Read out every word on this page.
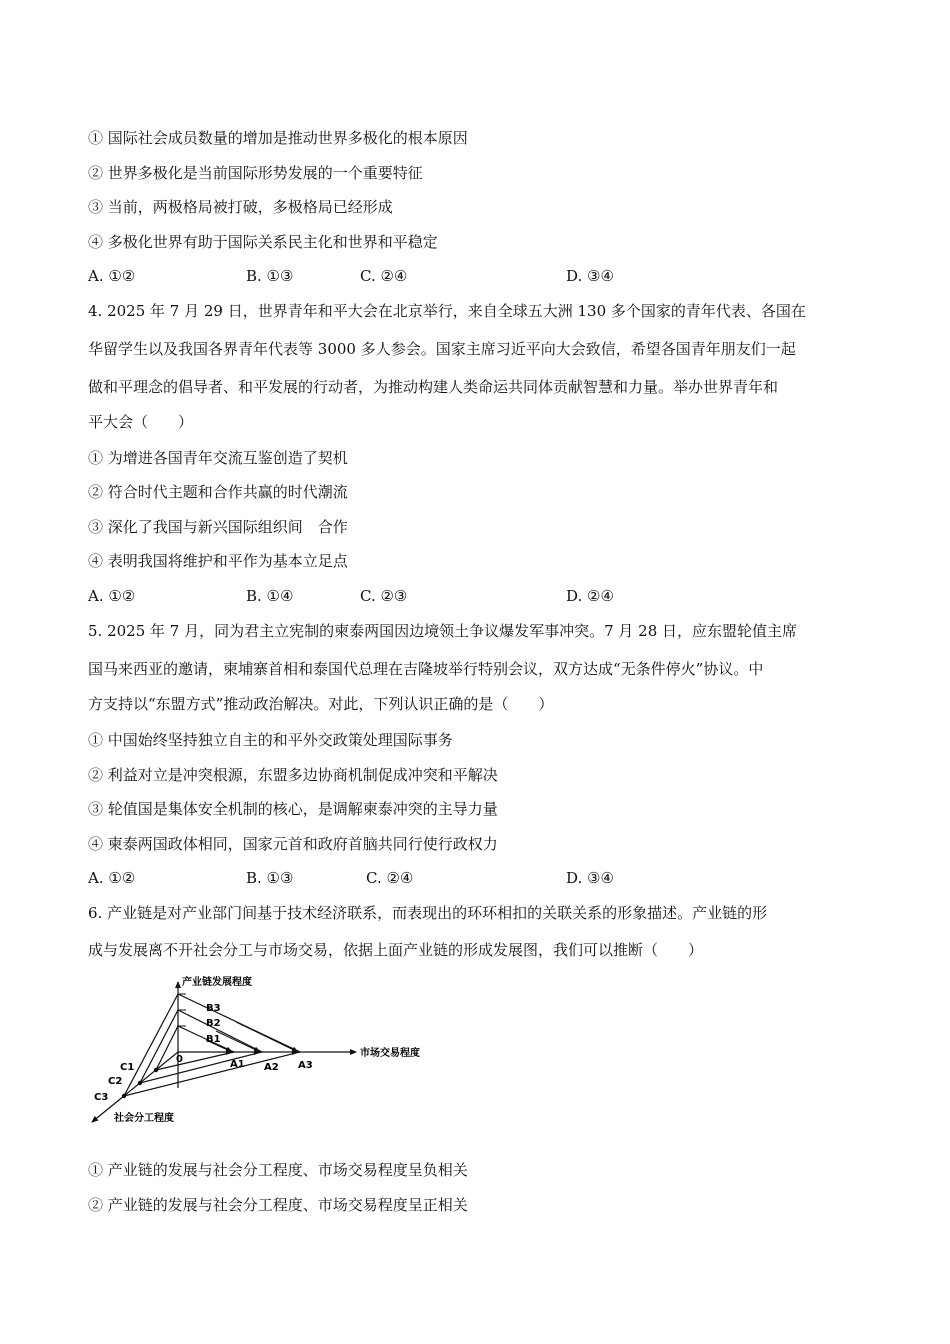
① 国际社会成员数量的增加是推动世界多极化的根本原因
② 世界多极化是当前国际形势发展的一个重要特征
③ 当前，两极格局被打破，多极格局已经形成
④ 多极化世界有助于国际关系民主化和世界和平稳定
A. ①②	B. ①③	C. ②④	D. ③④
4. 2025 年 7 月 29 日，世界青年和平大会在北京举行，来自全球五大洲 130 多个国家的青年代表、各国在
华留学生以及我国各界青年代表等 3000 多人参会。国家主席习近平向大会致信，希望各国青年朋友们一起
做和平理念的倡导者、和平发展的行动者，为推动构建人类命运共同体贡献智慧和力量。举办世界青年和
平大会（　　）
① 为增进各国青年交流互鉴创造了契机
② 符合时代主题和合作共赢的时代潮流
③ 深化了我国与新兴国际组织间　合作
④ 表明我国将维护和平作为基本立足点
A. ①②	B. ①④	C. ②③	D. ②④
5. 2025 年 7 月，同为君主立宪制的柬泰两国因边境领土争议爆发军事冲突。7 月 28 日，应东盟轮值主席
国马来西亚的邀请，柬埔寨首相和泰国代总理在吉隆坡举行特别会议，双方达成“无条件停火”协议。中
方支持以“东盟方式”推动政治解决。对此，下列认识正确的是（　　）
① 中国始终坚持独立自主的和平外交政策处理国际事务
② 利益对立是冲突根源，东盟多边协商机制促成冲突和平解决
③ 轮值国是集体安全机制的核心，是调解柬泰冲突的主导力量
④ 柬泰两国政体相同，国家元首和政府首脑共同行使行政权力
A. ①②	B. ①③	C. ②④	D. ③④
6. 产业链是对产业部门间基于技术经济联系，而表现出的环环相扣的关联关系的形象描述。产业链的形
成与发展离不开社会分工与市场交易，依据上面产业链的形成发展图，我们可以推断（　　）
产业链发展程度
市场交易程度
社会分工程度
0
B1
B2
B3
A1 A2 A3
C1
C2
C3
① 产业链的发展与社会分工程度、市场交易程度呈负相关
② 产业链的发展与社会分工程度、市场交易程度呈正相关
